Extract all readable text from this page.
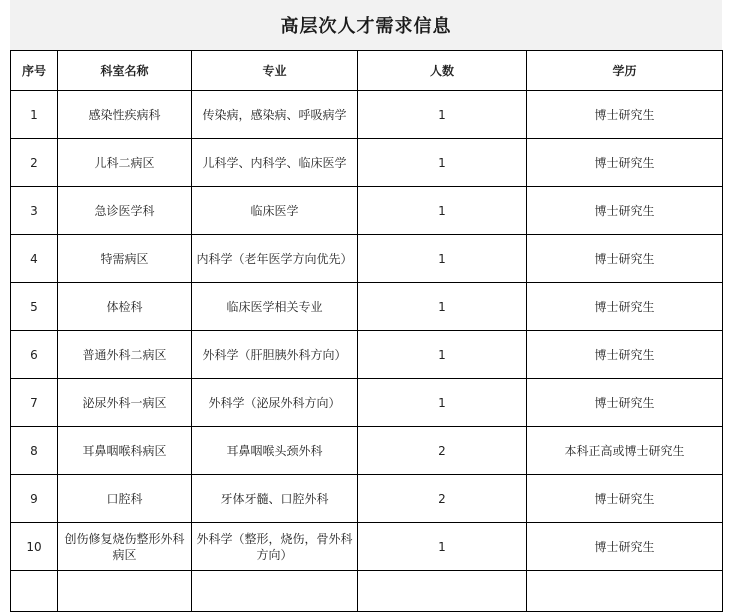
高层次人才需求信息
序号	科室名称	专业	人数	学历
1	感染性疾病科	传染病，感染病、呼吸病学	1	博士研究生
2	儿科二病区	儿科学、内科学、临床医学	1	博士研究生
3	急诊医学科	临床医学	1	博士研究生
4	特需病区	内科学（老年医学方向优先）	1	博士研究生
5	体检科	临床医学相关专业	1	博士研究生
6	普通外科二病区	外科学（肝胆胰外科方向）	1	博士研究生
7	泌尿外科一病区	外科学（泌尿外科方向）	1	博士研究生
8	耳鼻咽喉科病区	耳鼻咽喉头颈外科	2	本科正高或博士研究生
9	口腔科	牙体牙髓、口腔外科	2	博士研究生
10	创伤修复烧伤整形外科病区	外科学（整形，烧伤，骨外科方向）	1	博士研究生
